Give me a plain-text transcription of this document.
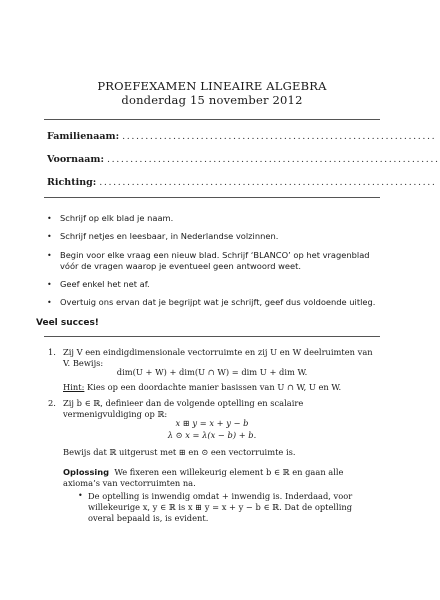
PROEFEXAMEN LINEAIRE ALGEBRA
donderdag 15 november 2012
Familienaam: ....................................................................
Voornaam: ........................................................................
Richting: .........................................................................
• Schrijf op elk blad je naam.
• Schrijf netjes en leesbaar, in Nederlandse volzinnen.
• Begin voor elke vraag een nieuw blad. Schrijf ‘BLANCO’ op het vragenblad vóór de vragen waarop je eventueel geen antwoord weet.
• Geef enkel het net af.
• Overtuig ons ervan dat je begrijpt wat je schrijft, geef dus voldoende uitleg.
Veel succes!
1. Zij V een eindigdimensionale vectorruimte en zij U en W deelruimten van V. Bewijs:
dim(U + W) + dim(U ∩ W) = dim U + dim W.
Hint: Kies op een doordachte manier basissen van U ∩ W, U en W.
2. Zij b ∈ ℝ, definieer dan de volgende optelling en scalaire vermenigvuldiging op ℝ:
x ⊞ y = x + y − b
λ ⊙ x = λ(x − b) + b.
Bewijs dat ℝ uitgerust met ⊞ en ⊙ een vectorruimte is.
Oplossing We fixeren een willekeurig element b ∈ ℝ en gaan alle axioma’s van vectorruimten na.
• De optelling is inwendig omdat + inwendig is. Inderdaad, voor willekeurige x, y ∈ ℝ is x ⊞ y = x + y − b ∈ ℝ. Dat de optelling overal bepaald is, is evident.
